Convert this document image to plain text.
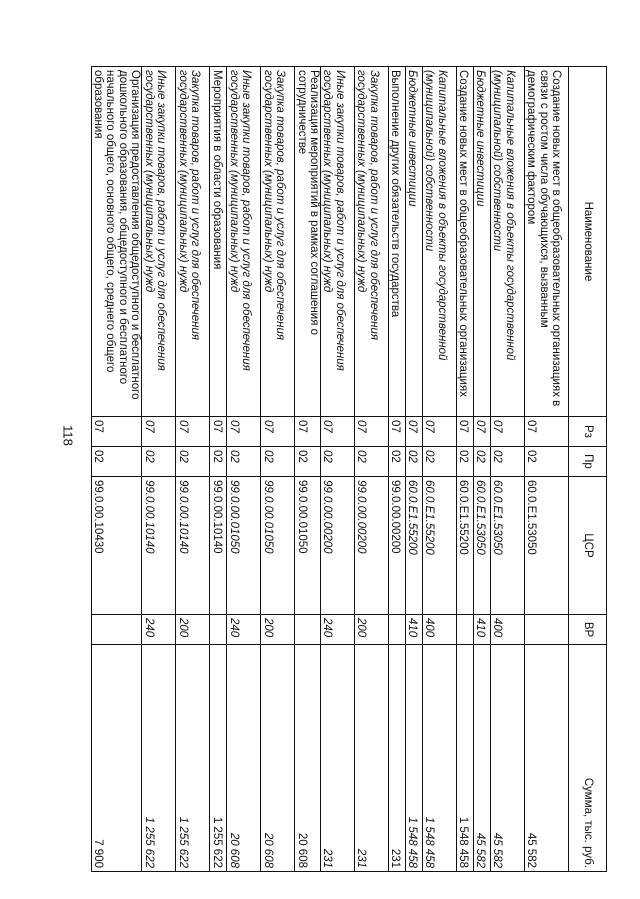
118
Наименование	Рз	Пр	ЦСР	ВР	Сумма, тыс. руб.
Создание новых мест в общеобразовательных организациях в связи с ростом числа обучающихся, вызванным демографическим фактором	07	02	60.0.E1.53050		45 582
Капитальные вложения в объекты государственной (муниципальной) собственности	07	02	60.0.E1.53050	400	45 582
Бюджетные инвестиции	07	02	60.0.E1.53050	410	45 582
Создание новых мест в общеобразовательных организациях	07	02	60.0.E1.55200		1 548 458
Капитальные вложения в объекты государственной (муниципальной) собственности	07	02	60.0.E1.55200	400	1 548 458
Бюджетные инвестиции	07	02	60.0.E1.55200	410	1 548 458
Выполнение других обязательств государства	07	02	99.0.00.00200		231
Закупка товаров, работ и услуг для обеспечения государственных (муниципальных) нужд	07	02	99.0.00.00200	200	231
Иные закупки товаров, работ и услуг для обеспечения государственных (муниципальных) нужд	07	02	99.0.00.00200	240	231
Реализация мероприятий в рамках соглашения о сотрудничестве	07	02	99.0.00.01050		20 608
Закупка товаров, работ и услуг для обеспечения государственных (муниципальных) нужд	07	02	99.0.00.01050	200	20 608
Иные закупки товаров, работ и услуг для обеспечения государственных (муниципальных) нужд	07	02	99.0.00.01050	240	20 608
Мероприятия в области образования	07	02	99.0.00.10140		1 255 622
Закупка товаров, работ и услуг для обеспечения государственных (муниципальных) нужд	07	02	99.0.00.10140	200	1 255 622
Иные закупки товаров, работ и услуг для обеспечения государственных (муниципальных) нужд	07	02	99.0.00.10140	240	1 255 622
Организация предоставления общедоступного и бесплатного дошкольного образования, общедоступного и бесплатного начального общего, основного общего, среднего общего образования	07	02	99.0.00.10430		7 900
